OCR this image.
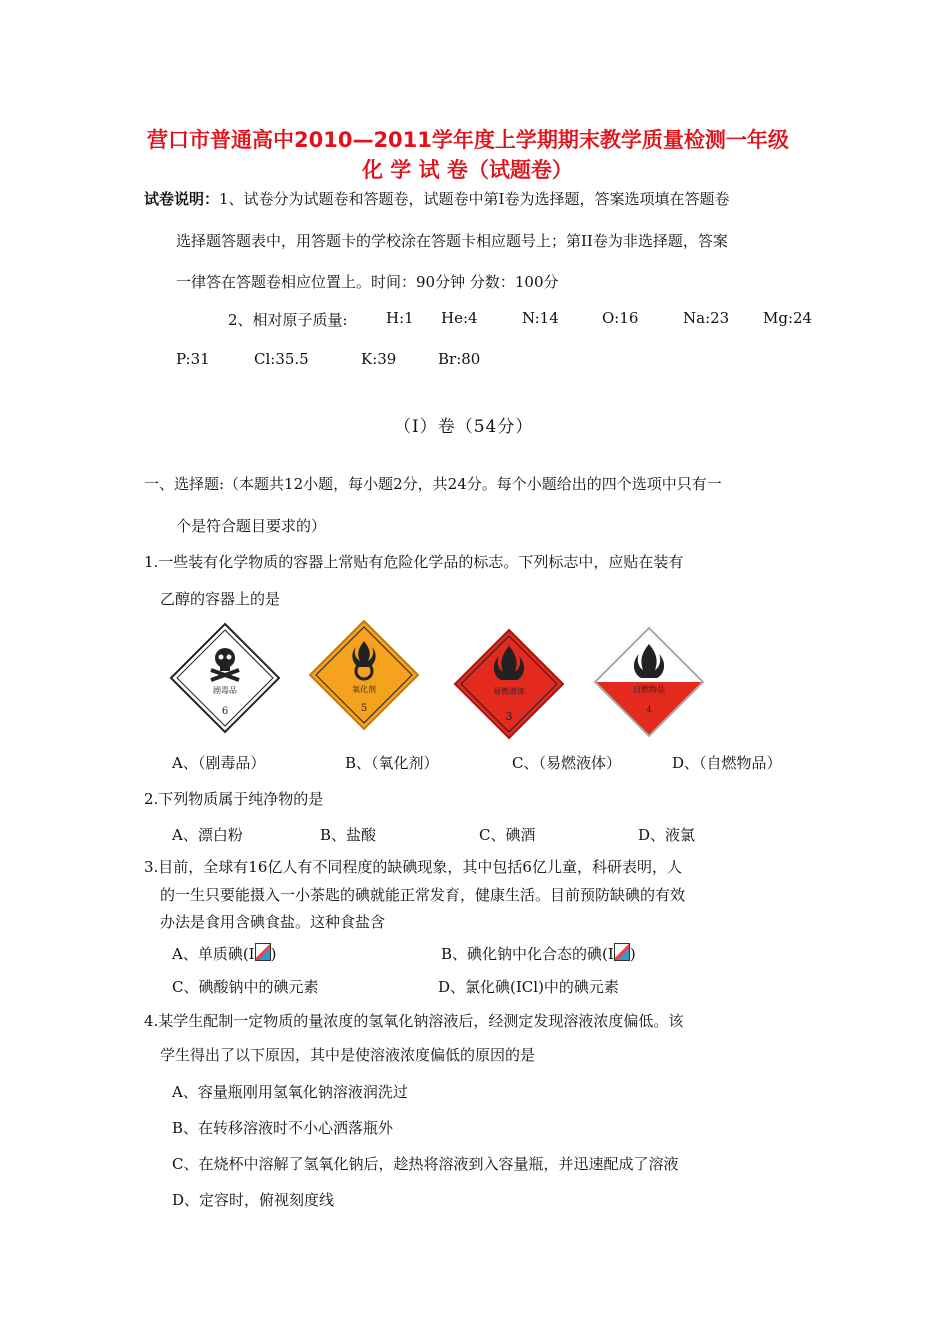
营口市普通高中2010—2011学年度上学期期末教学质量检测一年级
化 学 试 卷（试题卷）
试卷说明：1、试卷分为试题卷和答题卷，试题卷中第I卷为选择题，答案选项填在答题卷
选择题答题表中，用答题卡的学校涂在答题卡相应题号上；第II卷为非选择题，答案
一律答在答题卷相应位置上。时间：90分钟 分数：100分
2、相对原子质量:	H:1 He:4	N:14	O:16	Na:23 Mg:24
P:31	Cl:35.5	K:39	Br:80
（Ⅰ）卷（54分）
一、选择题:（本题共12小题，每小题2分，共24分。每个小题给出的四个选项中只有一
个是符合题目要求的）
1.一些装有化学物质的容器上常贴有危险化学品的标志。下列标志中，应贴在装有
乙醇的容器上的是
剧毒品
6
氧化剂
5
易燃液体
3
自燃物品
4
A、（剧毒品）	B、（氧化剂）	C、（易燃液体）	D、（自燃物品）
2.下列物质属于纯净物的是
A、漂白粉	B、盐酸	C、碘酒	D、液氯
3.目前，全球有16亿人有不同程度的缺碘现象，其中包括6亿儿童，科研表明，人
的一生只要能摄入一小茶匙的碘就能正常发育，健康生活。目前预防缺碘的有效
办法是食用含碘食盐。这种食盐含
A、单质碘(I )	B、碘化钠中化合态的碘(I )
C、碘酸钠中的碘元素	D、氯化碘(ICl)中的碘元素
4.某学生配制一定物质的量浓度的氢氧化钠溶液后，经测定发现溶液浓度偏低。该
学生得出了以下原因，其中是使溶液浓度偏低的原因的是
A、容量瓶刚用氢氧化钠溶液润洗过
B、在转移溶液时不小心洒落瓶外
C、在烧杯中溶解了氢氧化钠后，趁热将溶液到入容量瓶，并迅速配成了溶液
D、定容时，俯视刻度线
